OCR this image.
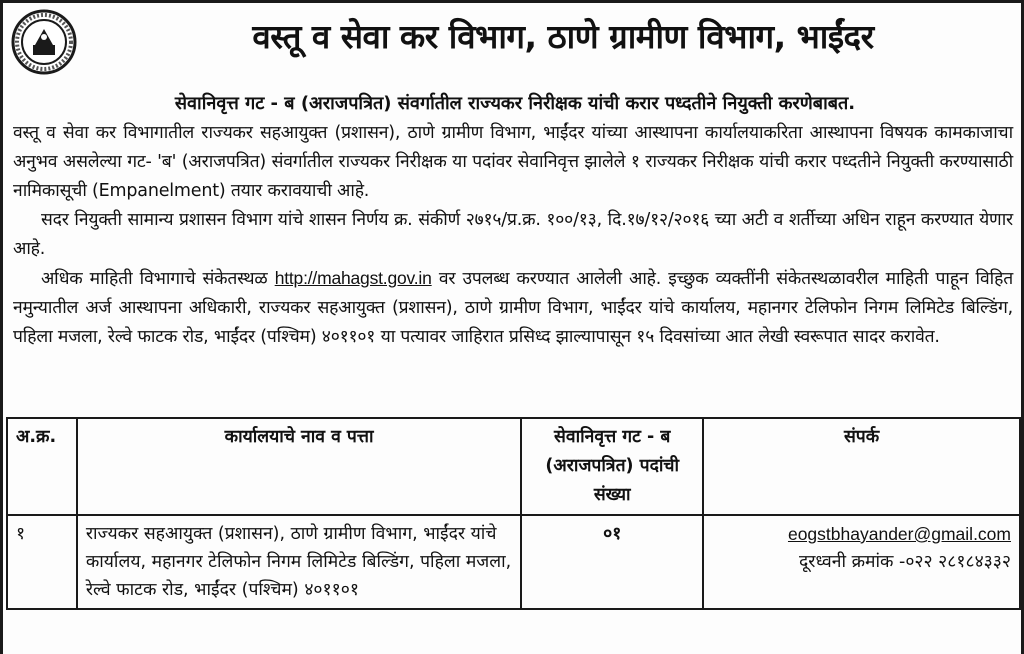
वस्तू व सेवा कर विभाग, ठाणे ग्रामीण विभाग, भाईंदर
सेवानिवृत्त गट - ब (अराजपत्रित) संवर्गातील राज्यकर निरीक्षक यांची करार पध्दतीने नियुक्ती करणेबाबत.

वस्तू व सेवा कर विभागातील राज्यकर सहआयुक्त (प्रशासन), ठाणे ग्रामीण विभाग, भाईंदर यांच्या आस्थापना कार्यालयाकरिता आस्थापना विषयक कामकाजाचा अनुभव असलेल्या गट- 'ब' (अराजपत्रित) संवर्गातील राज्यकर निरीक्षक या पदांवर सेवानिवृत्त झालेले १ राज्यकर निरीक्षक यांची करार पध्दतीने नियुक्ती करण्यासाठी नामिकासूची (Empanelment) तयार करावयाची आहे.

सदर नियुक्ती सामान्य प्रशासन विभाग यांचे शासन निर्णय क्र. संकीर्ण २७१५/प्र.क्र. १००/१३, दि.१७/१२/२०१६ च्या अटी व शर्तीच्या अधिन राहून करण्यात येणार आहे.

अधिक माहिती विभागाचे संकेतस्थळ http://mahagst.gov.in वर उपलब्ध करण्यात आलेली आहे. इच्छुक व्यक्तींनी संकेतस्थळावरील माहिती पाहून विहित नमुन्यातील अर्ज आस्थापना अधिकारी, राज्यकर सहआयुक्त (प्रशासन), ठाणे ग्रामीण विभाग, भाईंदर यांचे कार्यालय, महानगर टेलिफोन निगम लिमिटेड बिल्डिंग, पहिला मजला, रेल्वे फाटक रोड, भाईंदर (पश्चिम) ४०११०१ या पत्यावर जाहिरात प्रसिध्द झाल्यापासून १५ दिवसांच्या आत लेखी स्वरूपात सादर करावेत.

अ.क्र.	कार्यालयाचे नाव व पत्ता	सेवानिवृत्त गट - ब (अराजपत्रित) पदांची संख्या	संपर्क
१	राज्यकर सहआयुक्त (प्रशासन), ठाणे ग्रामीण विभाग, भाईंदर यांचे कार्यालय, महानगर टेलिफोन निगम लिमिटेड बिल्डिंग, पहिला मजला, रेल्वे फाटक रोड, भाईंदर (पश्चिम) ४०११०१	०१	eogstbhayander@gmail.com
दूरध्वनी क्रमांक -०२२ २८१८४३३२
